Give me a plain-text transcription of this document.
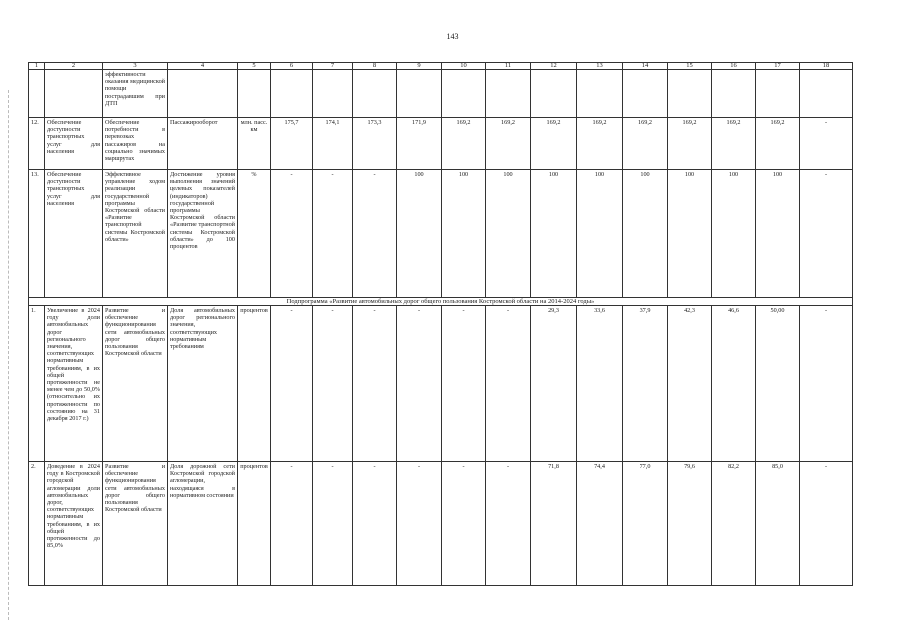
143
1	2	3	4	5	6	7	8	9	10	11	12	13	14	15	16	17	18
		эффективности оказания медицинской помощи пострадавшим при ДТП															
12.	Обеспечение доступности транспортных услуг для населения	Обеспечение потребности в перевозках пассажиров на социально значимых маршрутах	Пассажирооборот	млн. пасс. км	175,7	174,1	173,3	171,9	169,2	169,2	169,2	169,2	169,2	169,2	169,2	169,2	-
13.	Обеспечение доступности транспортных услуг для населения	Эффективное управление ходом реализации государственной программы Костромской области «Развитие транспортной системы Костромской области»	Достижение уровня выполнения значений целевых показателей (индикаторов) государственной программы Костромской области «Развитие транспортной системы Костромской области» до 100 процентов	%	-	-	-	100	100	100	100	100	100	100	100	100	-
Подпрограмма «Развитие автомобильных дорог общего пользования Костромской области на 2014-2024 годы»																	
1.	Увеличение в 2024 году доли автомобильных дорог регионального значения, соответствующих нормативным требованиям, в их общей протяженности не менее чем до 50,0% (относительно их протяженности по состоянию на 31 декабря 2017 г.)	Развитие и обеспечение функционирования сети автомобильных дорог общего пользования Костромской области	Доля автомобильных дорог регионального значения, соответствующих нормативным требованиям	процентов	-	-	-	-	-	-	29,3	33,6	37,9	42,3	46,6	50,00	-
2.	Доведение в 2024 году в Костромской городской агломерации доли автомобильных дорог, соответствующих нормативным требованиям, в их общей протяженности до 85,0%	Развитие и обеспечение функционирования сети автомобильных дорог общего пользования Костромской области	Доля дорожной сети Костромской городской агломерации, находящаяся в нормативном состоянии	процентов	-	-	-	-	-	-	71,8	74,4	77,0	79,6	82,2	85,0	-
